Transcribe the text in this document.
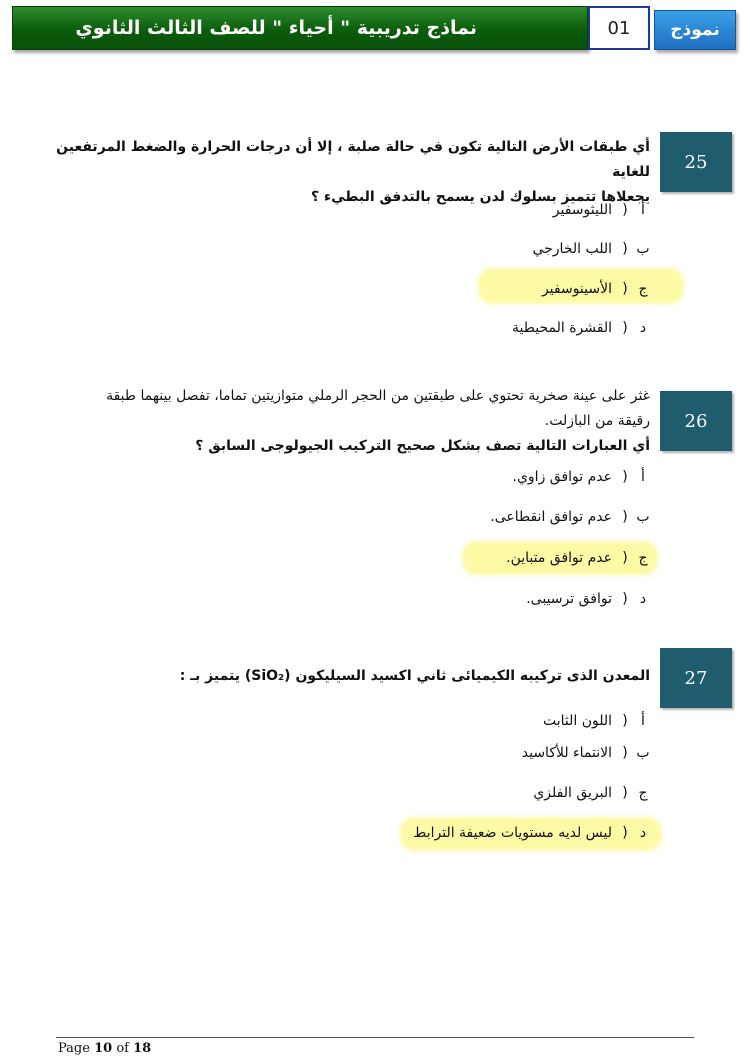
نماذج تدريبية " أحياء " للصف الثالث الثانوي	01	نموذج
25
أي طبقات الأرض التالية تكون في حالة صلبة ، إلا أن درجات الحرارة والضغط المرتفعين للغاية
يجعلاها تتميز بسلوك لدن يسمح بالتدفق البطيء ؟
أ
(
الليثوسفير
ب
(
اللب الخارجي
ج
(
الأسينوسفير
د
(
القشرة المحيطية
26
غثر على عينة صخرية تحتوي على طبقتين من الحجر الرملي متوازيتين تماما، تفصل بينهما طبقة
رقيقة من البازلت.
أي العبارات التالية تصف بشكل صحيح التركيب الجيولوجى السابق ؟
أ
(
عدم توافق زاوي.
ب
(
عدم توافق انقطاعى.
ج
(
عدم توافق متباين.
د
(
توافق ترسيبى.
27
المعدن الذى تركيبه الكيميائى ثاني اكسيد السيليكون (SiO₂) يتميز بـ :
أ
(
اللون الثابت
ب
(
الانتماء للأكاسيد
ج
(
البريق الفلزي
د
(
ليس لديه مستويات ضعيفة الترابط
Page 10 of 18
